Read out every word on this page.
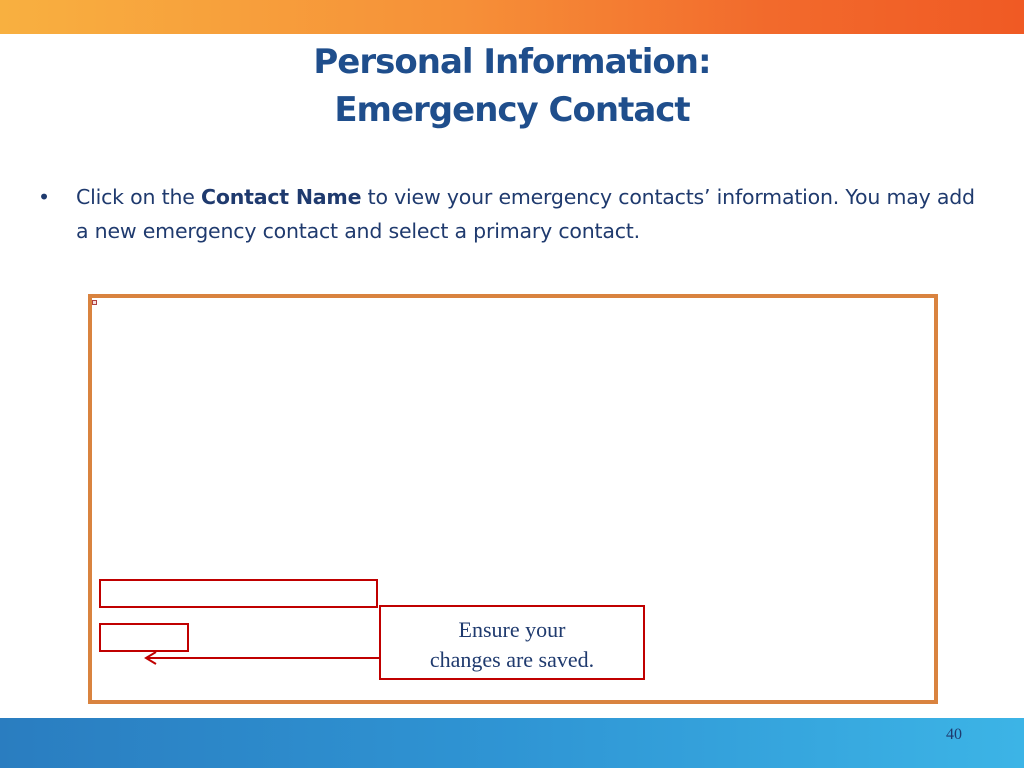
Personal Information:
Emergency Contact
• Click on the Contact Name to view your emergency contacts’ information. You may add a new emergency contact and select a primary contact.
Ensure your
changes are saved.
40
